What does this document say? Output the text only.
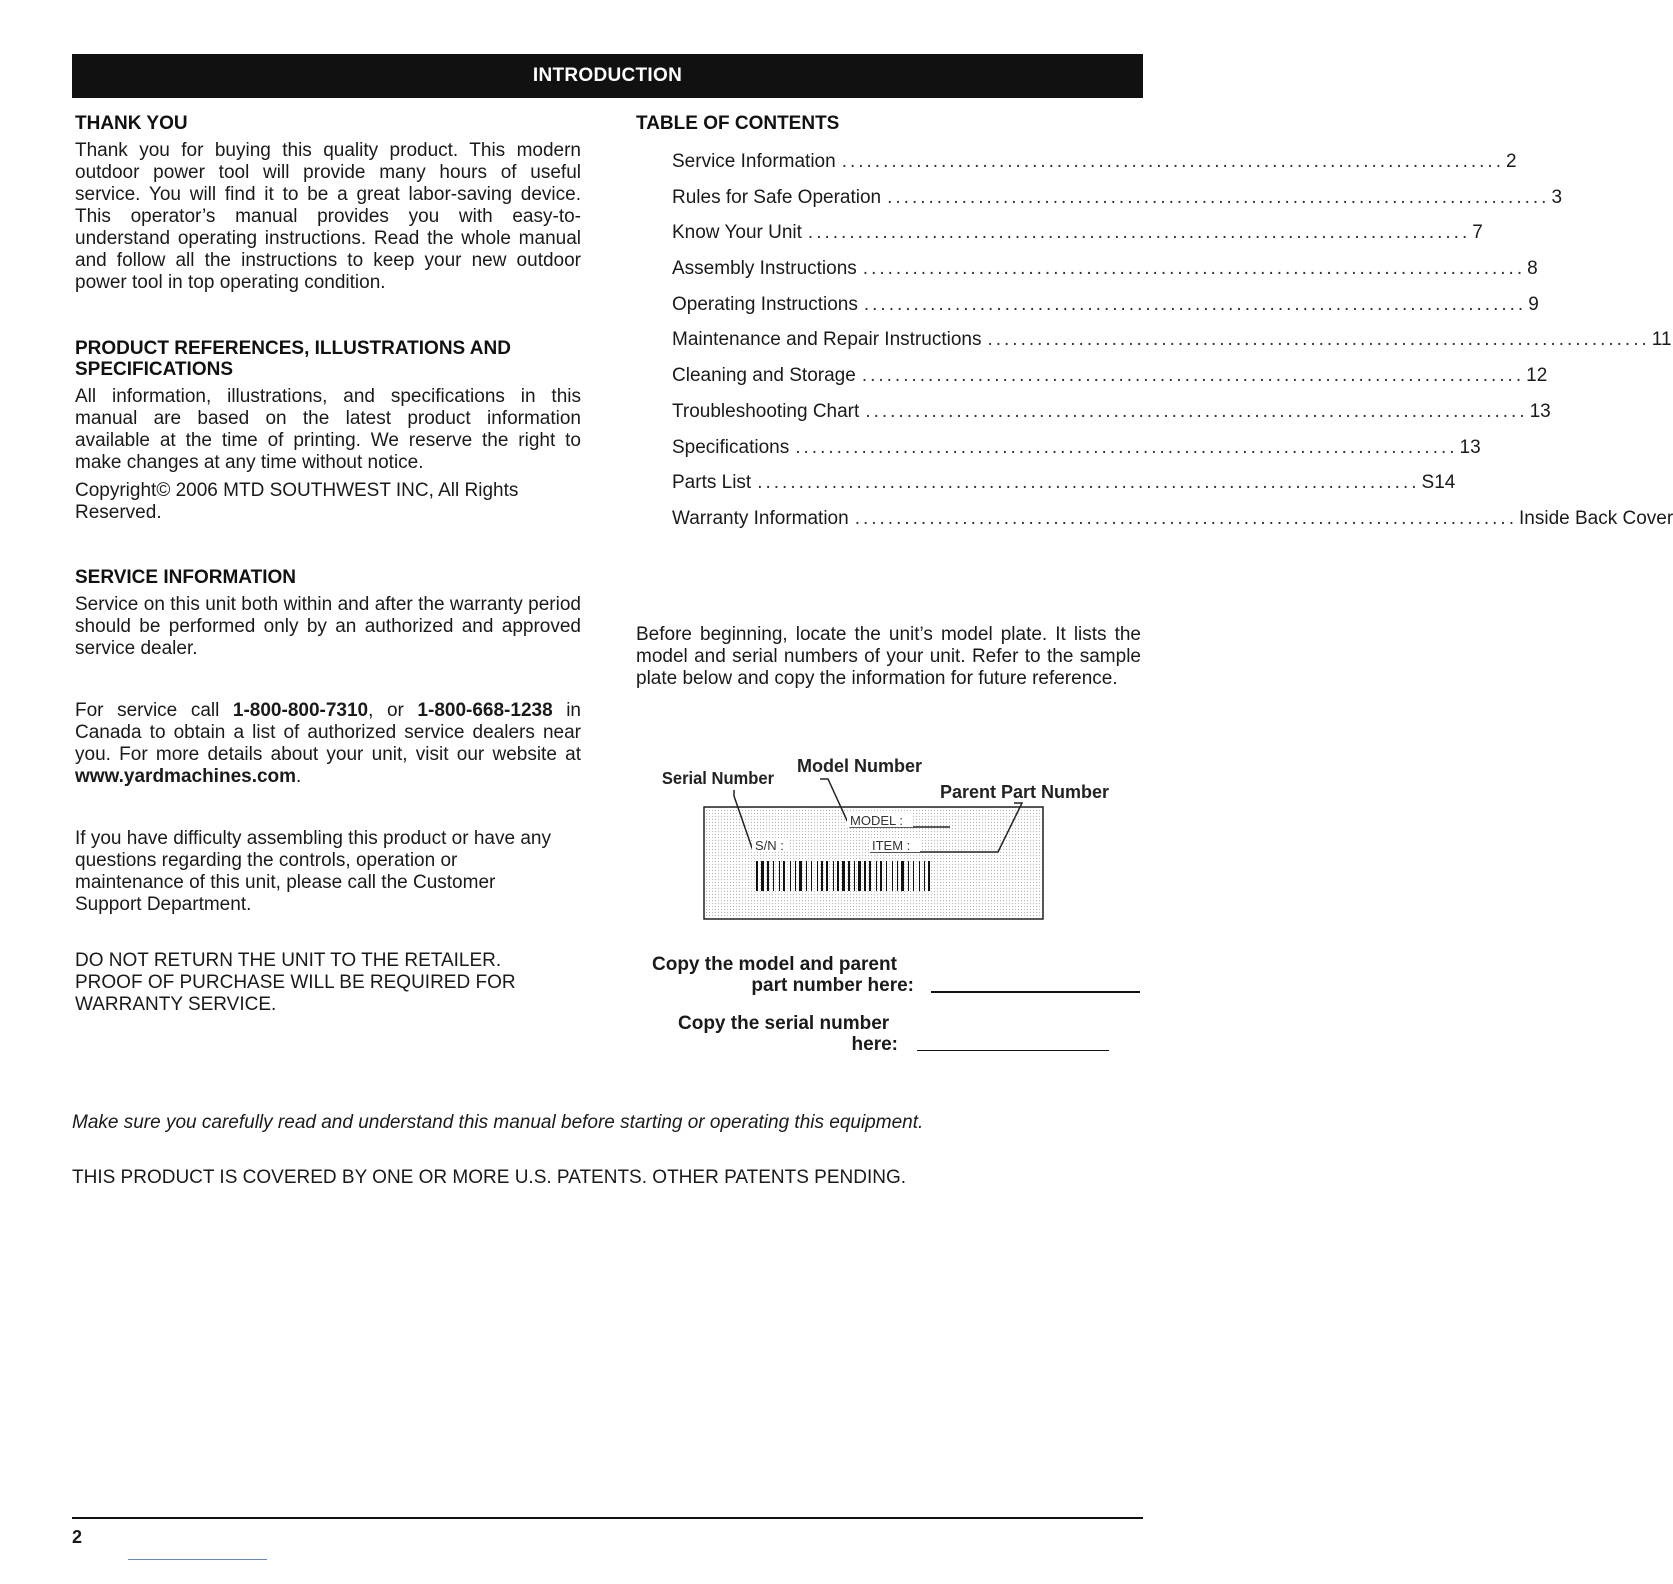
INTRODUCTION
THANK YOU

Thank you for buying this quality product. This modern outdoor power tool will provide many hours of useful service. You will find it to be a great labor-saving device. This operator’s manual provides you with easy-to-understand operating instructions. Read the whole manual and follow all the instructions to keep your new outdoor power tool in top operating condition.

PRODUCT REFERENCES, ILLUSTRATIONS AND SPECIFICATIONS

All information, illustrations, and specifications in this manual are based on the latest product information available at the time of printing. We reserve the right to make changes at any time without notice.

Copyright© 2006 MTD SOUTHWEST INC, All Rights Reserved.

SERVICE INFORMATION

Service on this unit both within and after the warranty period should be performed only by an authorized and approved service dealer.

For service call 1-800-800-7310, or 1-800-668-1238 in Canada to obtain a list of authorized service dealers near you. For more details about your unit, visit our website at www.yardmachines.com.

If you have difficulty assembling this product or have any questions regarding the controls, operation or maintenance of this unit, please call the Customer Support Department.

DO NOT RETURN THE UNIT TO THE RETAILER.
PROOF OF PURCHASE WILL BE REQUIRED FOR
WARRANTY SERVICE.
TABLE OF CONTENTS
Service Information ................................................................................ 2
Rules for Safe Operation ................................................................................ 3
Know Your Unit ................................................................................ 7
Assembly Instructions ................................................................................ 8
Operating Instructions ................................................................................ 9
Maintenance and Repair Instructions ................................................................................ 11
Cleaning and Storage ................................................................................ 12
Troubleshooting Chart ................................................................................ 13
Specifications ................................................................................ 13
Parts List ................................................................................ S14
Warranty Information ................................................................................ Inside Back Cover

Before beginning, locate the unit’s model plate. It lists the model and serial numbers of your unit. Refer to the sample plate below and copy the information for future reference.

Serial Number
Model Number
Parent Part Number
MODEL :
S/N :	ITEM :
Copy the model and parent
part number here:
Copy the serial number
here:
Make sure you carefully read and understand this manual before starting or operating this equipment.
THIS PRODUCT IS COVERED BY ONE OR MORE U.S. PATENTS. OTHER PATENTS PENDING.
2
